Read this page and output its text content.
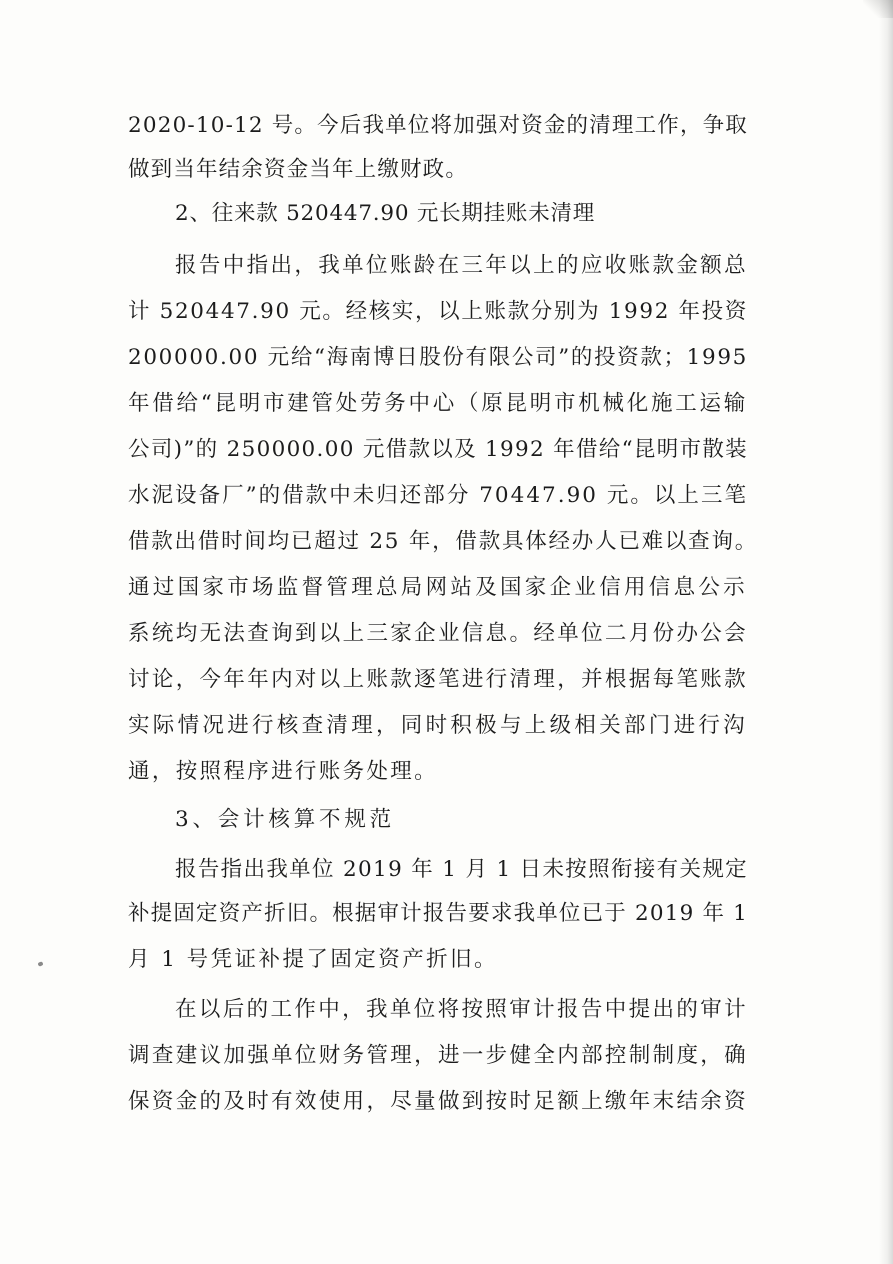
2020-10-12 号。今后我单位将加强对资金的清理工作，争取
做到当年结余资金当年上缴财政。
2、往来款 520447.90 元长期挂账未清理
报告中指出，我单位账龄在三年以上的应收账款金额总
计 520447.90 元。经核实，以上账款分别为 1992 年投资
200000.00 元给“海南博日股份有限公司”的投资款；1995
年借给“昆明市建管处劳务中心（原昆明市机械化施工运输
公司)”的 250000.00 元借款以及 1992 年借给“昆明市散装
水泥设备厂”的借款中未归还部分 70447.90 元。以上三笔
借款出借时间均已超过 25 年，借款具体经办人已难以查询。
通过国家市场监督管理总局网站及国家企业信用信息公示
系统均无法查询到以上三家企业信息。经单位二月份办公会
讨论，今年年内对以上账款逐笔进行清理，并根据每笔账款
实际情况进行核查清理，同时积极与上级相关部门进行沟
通，按照程序进行账务处理。
3、会计核算不规范
报告指出我单位 2019 年 1 月 1 日未按照衔接有关规定
补提固定资产折旧。根据审计报告要求我单位已于 2019 年 1
月 1 号凭证补提了固定资产折旧。
在以后的工作中，我单位将按照审计报告中提出的审计
调查建议加强单位财务管理，进一步健全内部控制制度，确
保资金的及时有效使用，尽量做到按时足额上缴年末结余资
